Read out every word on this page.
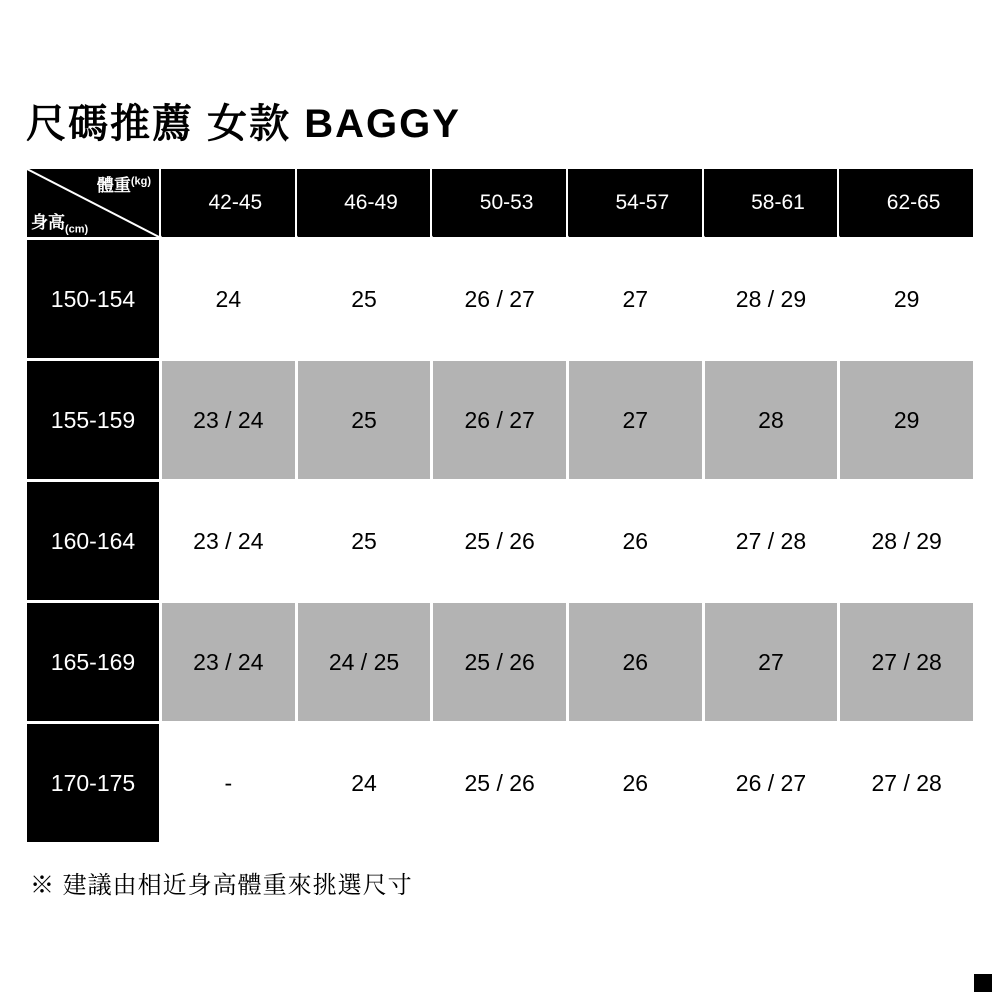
尺碼推薦 女款 BAGGY
體重$^{(kg)}$
身高$_{(cm)}$	42-45	46-49	50-53	54-57	58-61	62-65

150-154	24	25	26 / 27	27	28 / 29	29
155-159	23 / 24	25	26 / 27	27	28	29
160-164	23 / 24	25	25 / 26	26	27 / 28	28 / 29
165-169	23 / 24	24 / 25	25 / 26	26	27	27 / 28
170-175	-	24	25 / 26	26	26 / 27	27 / 28
※ 建議由相近身高體重來挑選尺寸
